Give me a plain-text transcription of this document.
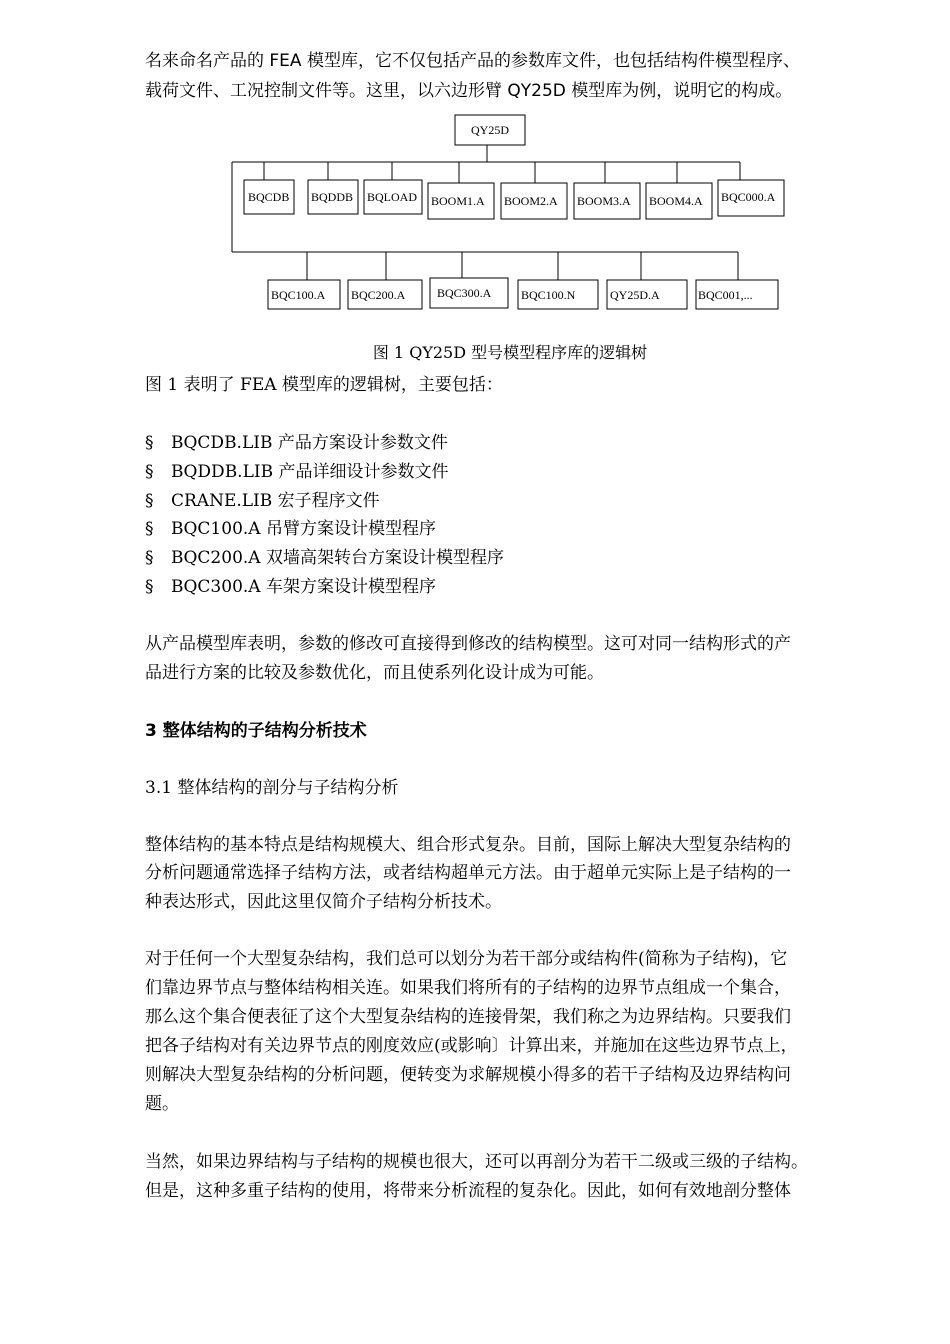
名来命名产品的 FEA 模型库，它不仅包括产品的参数库文件，也包括结构件模型程序、
载荷文件、工况控制文件等。这里，以六边形臂 QY25D 模型库为例，说明它的构成。
QY25D
BQCDB BQDDB BQLOAD BOOM1.A BOOM2.A BOOM3.A BOOM4.A BQC000.A
BQC100.A BQC200.A	BQC300.A BQC100.N	QY25D.A	BQC001,...
图 1 QY25D 型号模型程序库的逻辑树
图 1 表明了 FEA 模型库的逻辑树，主要包括：
§ BQCDB.LIB 产品方案设计参数文件
§ BQDDB.LIB 产品详细设计参数文件
§ CRANE.LIB 宏子程序文件
§ BQC100.A 吊臂方案设计模型程序
§ BQC200.A 双墙高架转台方案设计模型程序
§ BQC300.A 车架方案设计模型程序
从产品模型库表明，参数的修改可直接得到修改的结构模型。这可对同一结构形式的产
品进行方案的比较及参数优化，而且使系列化设计成为可能。
3 整体结构的子结构分析技术
3.1 整体结构的剖分与子结构分析
整体结构的基本特点是结构规模大、组合形式复杂。目前，国际上解决大型复杂结构的
分析问题通常选择子结构方法，或者结构超单元方法。由于超单元实际上是子结构的一
种表达形式，因此这里仅简介子结构分析技术。
对于任何一个大型复杂结构，我们总可以划分为若干部分或结构件(简称为子结构)，它
们靠边界节点与整体结构相关连。如果我们将所有的子结构的边界节点组成一个集合，
那么这个集合便表征了这个大型复杂结构的连接骨架，我们称之为边界结构。只要我们
把各子结构对有关边界节点的刚度效应(或影响〕计算出来，并施加在这些边界节点上，
则解决大型复杂结构的分析问题，便转变为求解规模小得多的若干子结构及边界结构问
题。
当然，如果边界结构与子结构的规模也很大，还可以再剖分为若干二级或三级的子结构。
但是，这种多重子结构的使用，将带来分析流程的复杂化。因此，如何有效地剖分整体
